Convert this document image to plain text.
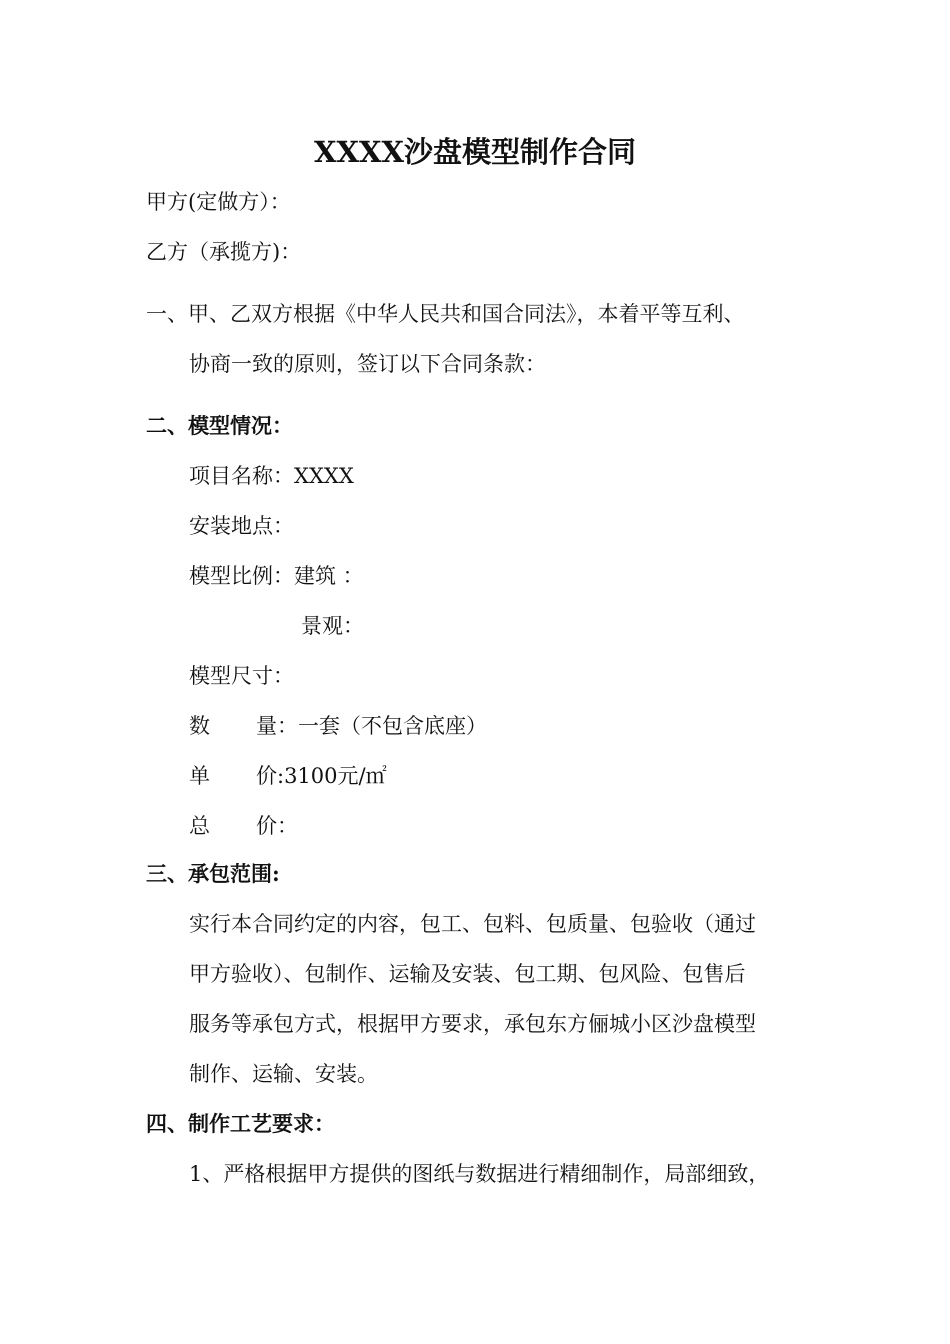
XXXX沙盘模型制作合同
甲方(定做方）：
乙方（承揽方)：
一、甲、乙双方根据《中华人民共和国合同法》，本着平等互利、
协商一致的原则，签订以下合同条款：
二、模型情况：
项目名称：XXXX
安装地点：
模型比例：建筑 ：
景观：
模型尺寸：
数 量：一套（不包含底座）
单 价:3100元/㎡
总 价：
三、承包范围:
实行本合同约定的内容，包工、包料、包质量、包验收（通过
甲方验收）、包制作、运输及安装、包工期、包风险、包售后
服务等承包方式，根据甲方要求，承包东方俪城小区沙盘模型
制作、运输、安装。
四、制作工艺要求：
1、严格根据甲方提供的图纸与数据进行精细制作，局部细致，
